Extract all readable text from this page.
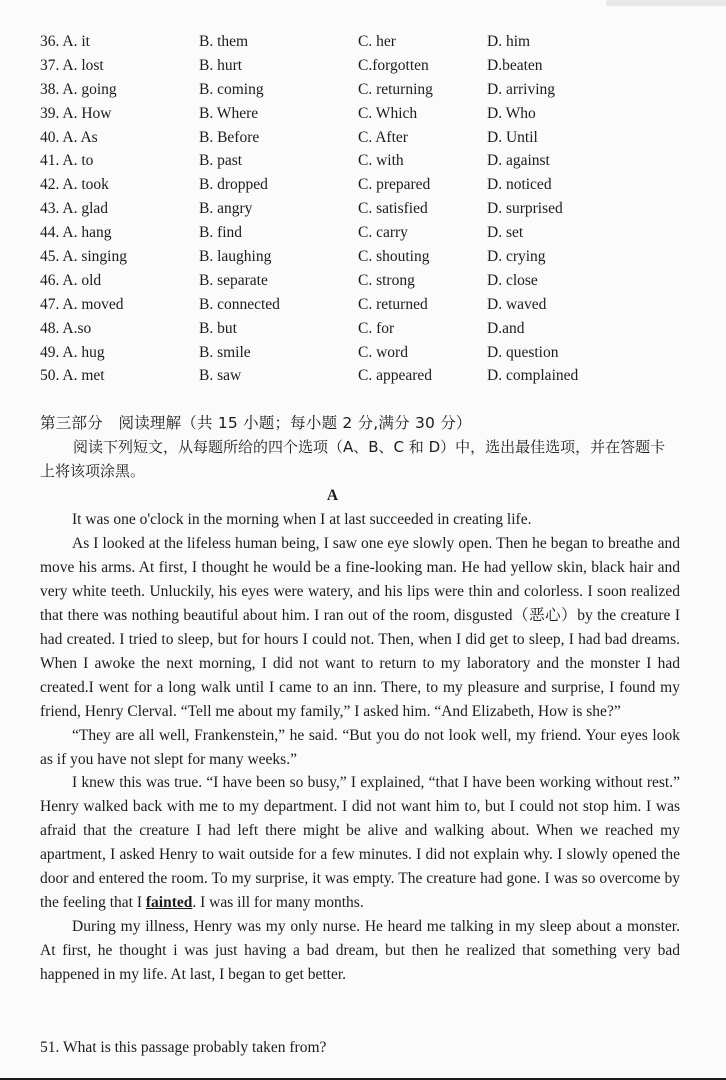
36. A. it	B. them	C. her	D. him
37. A. lost	B. hurt	C.forgotten	D.beaten
38. A. going	B. coming	C. returning	D. arriving
39. A. How	B. Where	C. Which	D. Who
40. A. As	B. Before	C. After	D. Until
41. A. to	B. past	C. with	D. against
42. A. took	B. dropped	C. prepared	D. noticed
43. A. glad	B. angry	C. satisfied	D. surprised
44. A. hang	B. find	C. carry	D. set
45. A. singing	B. laughing	C. shouting	D. crying
46. A. old	B. separate	C. strong	D. close
47. A. moved	B. connected	C. returned	D. waved
48. A.so	B. but	C. for	D.and
49. A. hug	B. smile	C. word	D. question
50. A. met	B. saw	C. appeared	D. complained
第三部分　阅读理解（共 15 小题；每小题 2 分,满分 30 分）
阅读下列短文，从每题所给的四个选项（A、B、C 和 D）中，选出最佳选项，并在答题卡上将该项涂黑。
A

It was one o'clock in the morning when I at last succeeded in creating life.

As I looked at the lifeless human being, I saw one eye slowly open. Then he began to breathe and move his arms. At first, I thought he would be a fine-looking man. He had yellow skin, black hair and very white teeth. Unluckily, his eyes were watery, and his lips were thin and colorless. I soon realized that there was nothing beautiful about him. I ran out of the room, disgusted（恶心）by the creature I had created. I tried to sleep, but for hours I could not. Then, when I did get to sleep, I had bad dreams. When I awoke the next morning, I did not want to return to my laboratory and the monster I had created.I went for a long walk until I came to an inn. There, to my pleasure and surprise, I found my friend, Henry Clerval. “Tell me about my family,” I asked him. “And Elizabeth, How is she?”

“They are all well, Frankenstein,” he said. “But you do not look well, my friend. Your eyes look as if you have not slept for many weeks.”

I knew this was true. “I have been so busy,” I explained, “that I have been working without rest.” Henry walked back with me to my department. I did not want him to, but I could not stop him. I was afraid that the creature I had left there might be alive and walking about. When we reached my apartment, I asked Henry to wait outside for a few minutes. I did not explain why. I slowly opened the door and entered the room. To my surprise, it was empty. The creature had gone. I was so overcome by the feeling that I fainted. I was ill for many months.

During my illness, Henry was my only nurse. He heard me talking in my sleep about a monster. At first, he thought i was just having a bad dream, but then he realized that something very bad happened in my life. At last, I began to get better.

51. What is this passage probably taken from?
